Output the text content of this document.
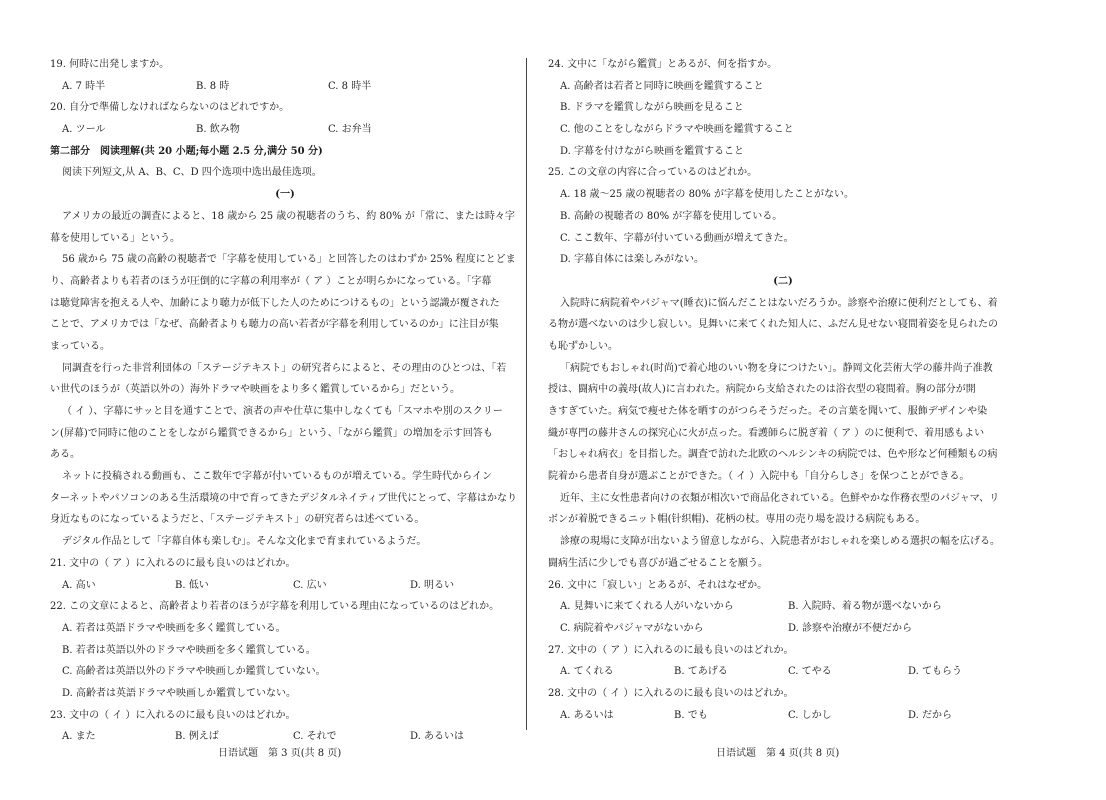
19. 何時に出発しますか。
A. 7 時半	B. 8 時	C. 8 時半
20. 自分で準備しなければならないのはどれですか。
A. ツール	B. 飲み物	C. お弁当
第二部分　阅读理解(共 20 小题;每小题 2.5 分,满分 50 分)
阅读下列短文,从 A、B、C、D 四个选项中选出最佳选项。
(一)
アメリカの最近の調査によると、18 歳から 25 歳の視聴者のうち、約 80% が「常に、または時々字
幕を使用している」という。
56 歳から 75 歳の高齢の視聴者で「字幕を使用している」と回答したのはわずか 25% 程度にとどま
り、高齢者よりも若者のほうが圧倒的に字幕の利用率が（ ア ）ことが明らかになっている。「字幕
は聴覚障害を抱える人や、加齢により聴力が低下した人のためにつけるもの」という認識が覆された
ことで、アメリカでは「なぜ、高齢者よりも聴力の高い若者が字幕を利用しているのか」に注目が集
まっている。
同調査を行った非営利団体の「ステージテキスト」の研究者らによると、その理由のひとつは、「若
い世代のほうが（英語以外の）海外ドラマや映画をより多く鑑賞しているから」だという。
（ イ ）、字幕にサッと目を通すことで、演者の声や仕草に集中しなくても「スマホや別のスクリー
ン(屏幕)で同時に他のことをしながら鑑賞できるから」という、「ながら鑑賞」の増加を示す回答も
ある。
ネットに投稿される動画も、ここ数年で字幕が付いているものが増えている。学生時代からイン
ターネットやパソコンのある生活環境の中で育ってきたデジタルネイティブ世代にとって、字幕はかなり
身近なものになっているようだと、「ステージテキスト」の研究者らは述べている。
デジタル作品として「字幕自体も楽しむ」。そんな文化まで育まれているようだ。
21. 文中の（ ア ）に入れるのに最も良いのはどれか。
A. 高い	B. 低い	C. 広い	D. 明るい
22. この文章によると、高齢者より若者のほうが字幕を利用している理由になっているのはどれか。
A. 若者は英語ドラマや映画を多く鑑賞している。
B. 若者は英語以外のドラマや映画を多く鑑賞している。
C. 高齢者は英語以外のドラマや映画しか鑑賞していない。
D. 高齢者は英語ドラマや映画しか鑑賞していない。
23. 文中の（ イ ）に入れるのに最も良いのはどれか。
A. また	B. 例えば	C. それで	D. あるいは
24. 文中に「ながら鑑賞」とあるが、何を指すか。
A. 高齢者は若者と同時に映画を鑑賞すること
B. ドラマを鑑賞しながら映画を見ること
C. 他のことをしながらドラマや映画を鑑賞すること
D. 字幕を付けながら映画を鑑賞すること
25. この文章の内容に合っているのはどれか。
A. 18 歳～25 歳の視聴者の 80% が字幕を使用したことがない。
B. 高齢の視聴者の 80% が字幕を使用している。
C. ここ数年、字幕が付いている動画が増えてきた。
D. 字幕自体には楽しみがない。
(二)
入院時に病院着やパジャマ(睡衣)に悩んだことはないだろうか。診察や治療に便利だとしても、着
る物が選べないのは少し寂しい。見舞いに来てくれた知人に、ふだん見せない寝間着姿を見られたの
も恥ずかしい。
「病院でもおしゃれ(时尚)で着心地のいい物を身につけたい」。静岡文化芸術大学の藤井尚子准教
授は、闘病中の義母(故人)に言われた。病院から支給されたのは浴衣型の寝間着。胸の部分が開
きすぎていた。病気で痩せた体を晒すのがつらそうだった。その言葉を聞いて、服飾デザインや染
織が専門の藤井さんの探究心に火が点った。看護師らに脱ぎ着（ ア ）のに便利で、着用感もよい
「おしゃれ病衣」を目指した。調査で訪れた北欧のヘルシンキの病院では、色や形など何種類もの病
院着から患者自身が選ぶことができた。（ イ ）入院中も「自分らしさ」を保つことができる。
近年、主に女性患者向けの衣類が相次いで商品化されている。色鮮やかな作務衣型のパジャマ、リ
ボンが着脱できるニット帽(针织帽)、花柄の杖。専用の売り場を設ける病院もある。
診療の現場に支障が出ないよう留意しながら、入院患者がおしゃれを楽しめる選択の幅を広げる。
闘病生活に少しでも喜びが過ごせることを願う。
26. 文中に「寂しい」とあるが、それはなぜか。
A. 見舞いに来てくれる人がいないから	B. 入院時、着る物が選べないから
C. 病院着やパジャマがないから	D. 診察や治療が不便だから
27. 文中の（ ア ）に入れるのに最も良いのはどれか。
A. てくれる	B. てあげる	C. てやる	D. てもらう
28. 文中の（ イ ）に入れるのに最も良いのはどれか。
A. あるいは	B. でも	C. しかし	D. だから
日语试题　第 3 页(共 8 页)	日语试题　第 4 页(共 8 页)
